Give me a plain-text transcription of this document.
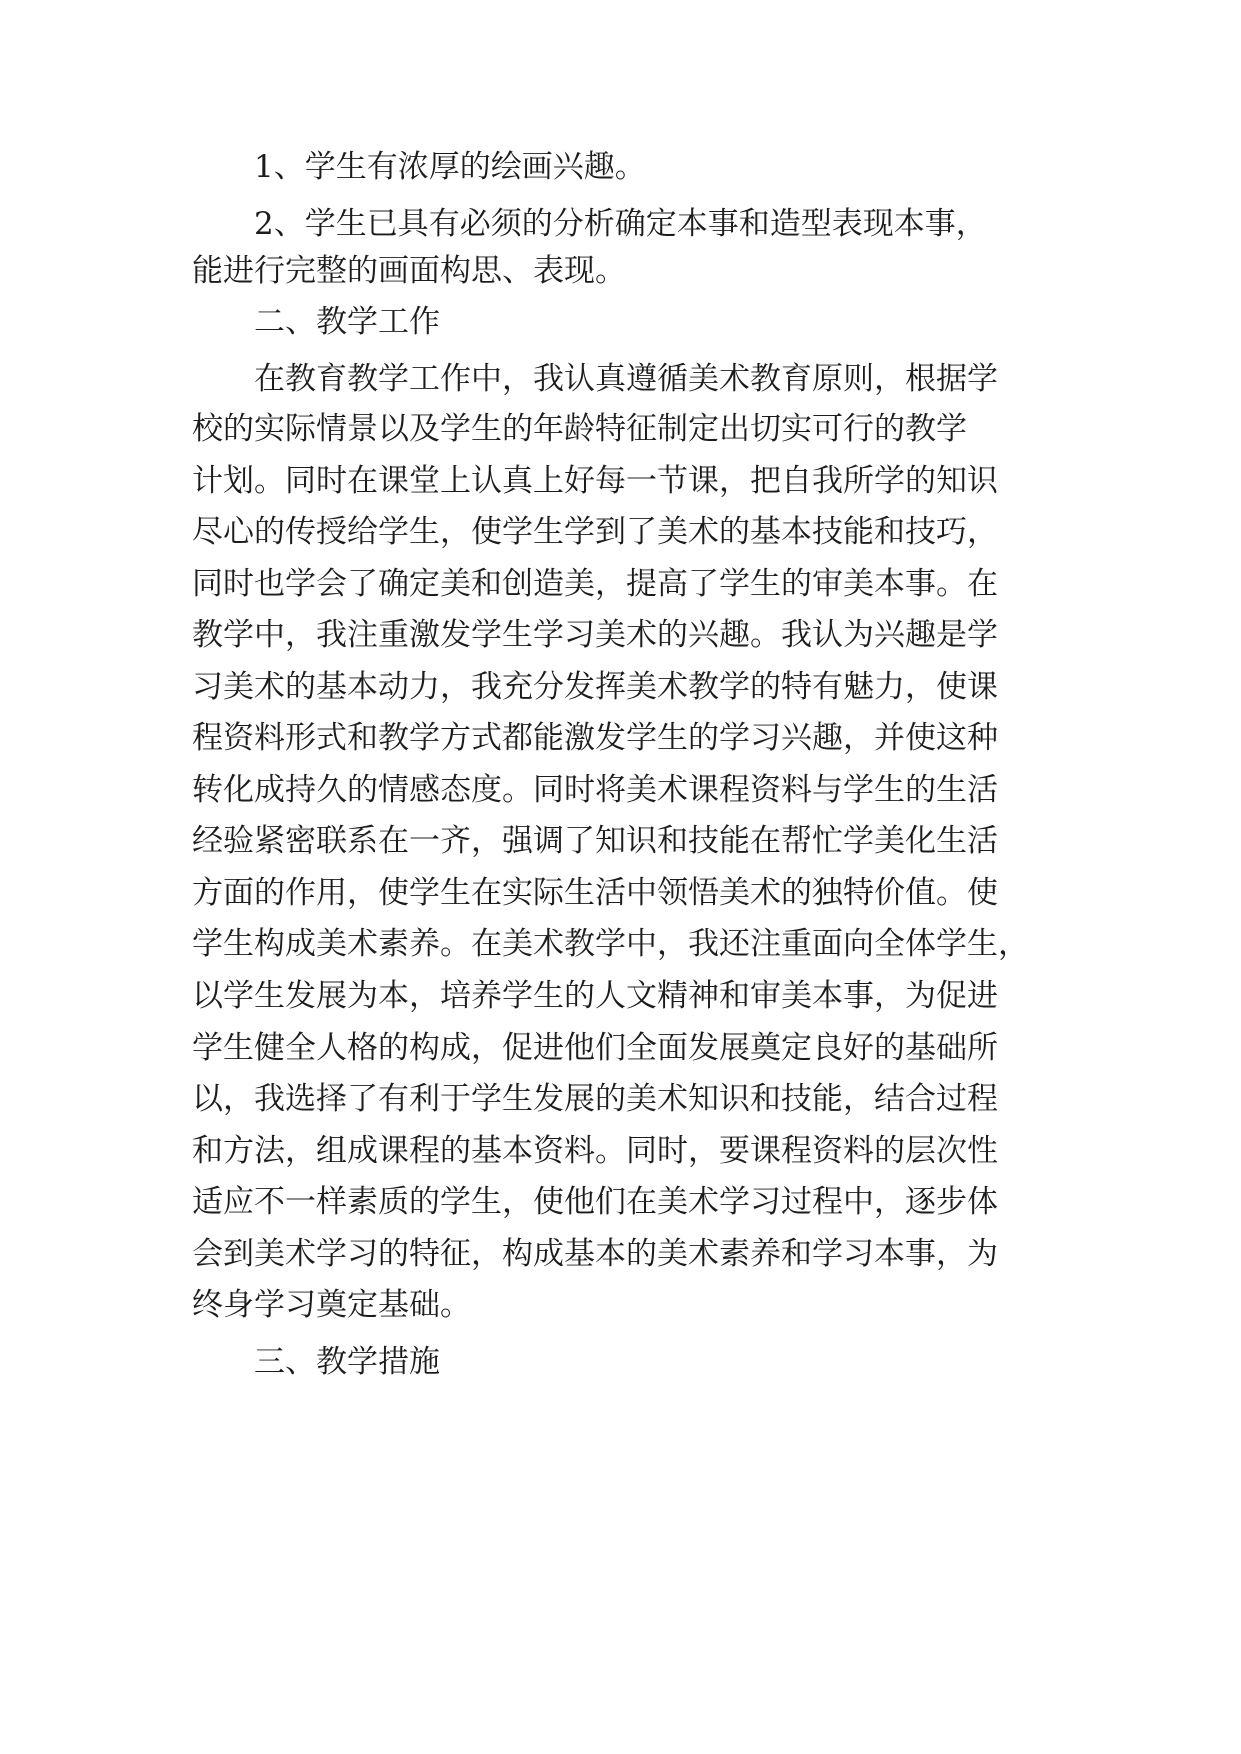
1、学生有浓厚的绘画兴趣。
2、学生已具有必须的分析确定本事和造型表现本事，
能进行完整的画面构思、表现。
二、教学工作
在教育教学工作中，我认真遵循美术教育原则，根据学
校的实际情景以及学生的年龄特征制定出切实可行的教学
计划。同时在课堂上认真上好每一节课，把自我所学的知识
尽心的传授给学生，使学生学到了美术的基本技能和技巧，
同时也学会了确定美和创造美，提高了学生的审美本事。在
教学中，我注重激发学生学习美术的兴趣。我认为兴趣是学
习美术的基本动力，我充分发挥美术教学的特有魅力，使课
程资料形式和教学方式都能激发学生的学习兴趣，并使这种
转化成持久的情感态度。同时将美术课程资料与学生的生活
经验紧密联系在一齐，强调了知识和技能在帮忙学美化生活
方面的作用，使学生在实际生活中领悟美术的独特价值。使
学生构成美术素养。在美术教学中，我还注重面向全体学生，
以学生发展为本，培养学生的人文精神和审美本事，为促进
学生健全人格的构成，促进他们全面发展奠定良好的基础所
以，我选择了有利于学生发展的美术知识和技能，结合过程
和方法，组成课程的基本资料。同时，要课程资料的层次性
适应不一样素质的学生，使他们在美术学习过程中，逐步体
会到美术学习的特征，构成基本的美术素养和学习本事，为
终身学习奠定基础。
三、教学措施
